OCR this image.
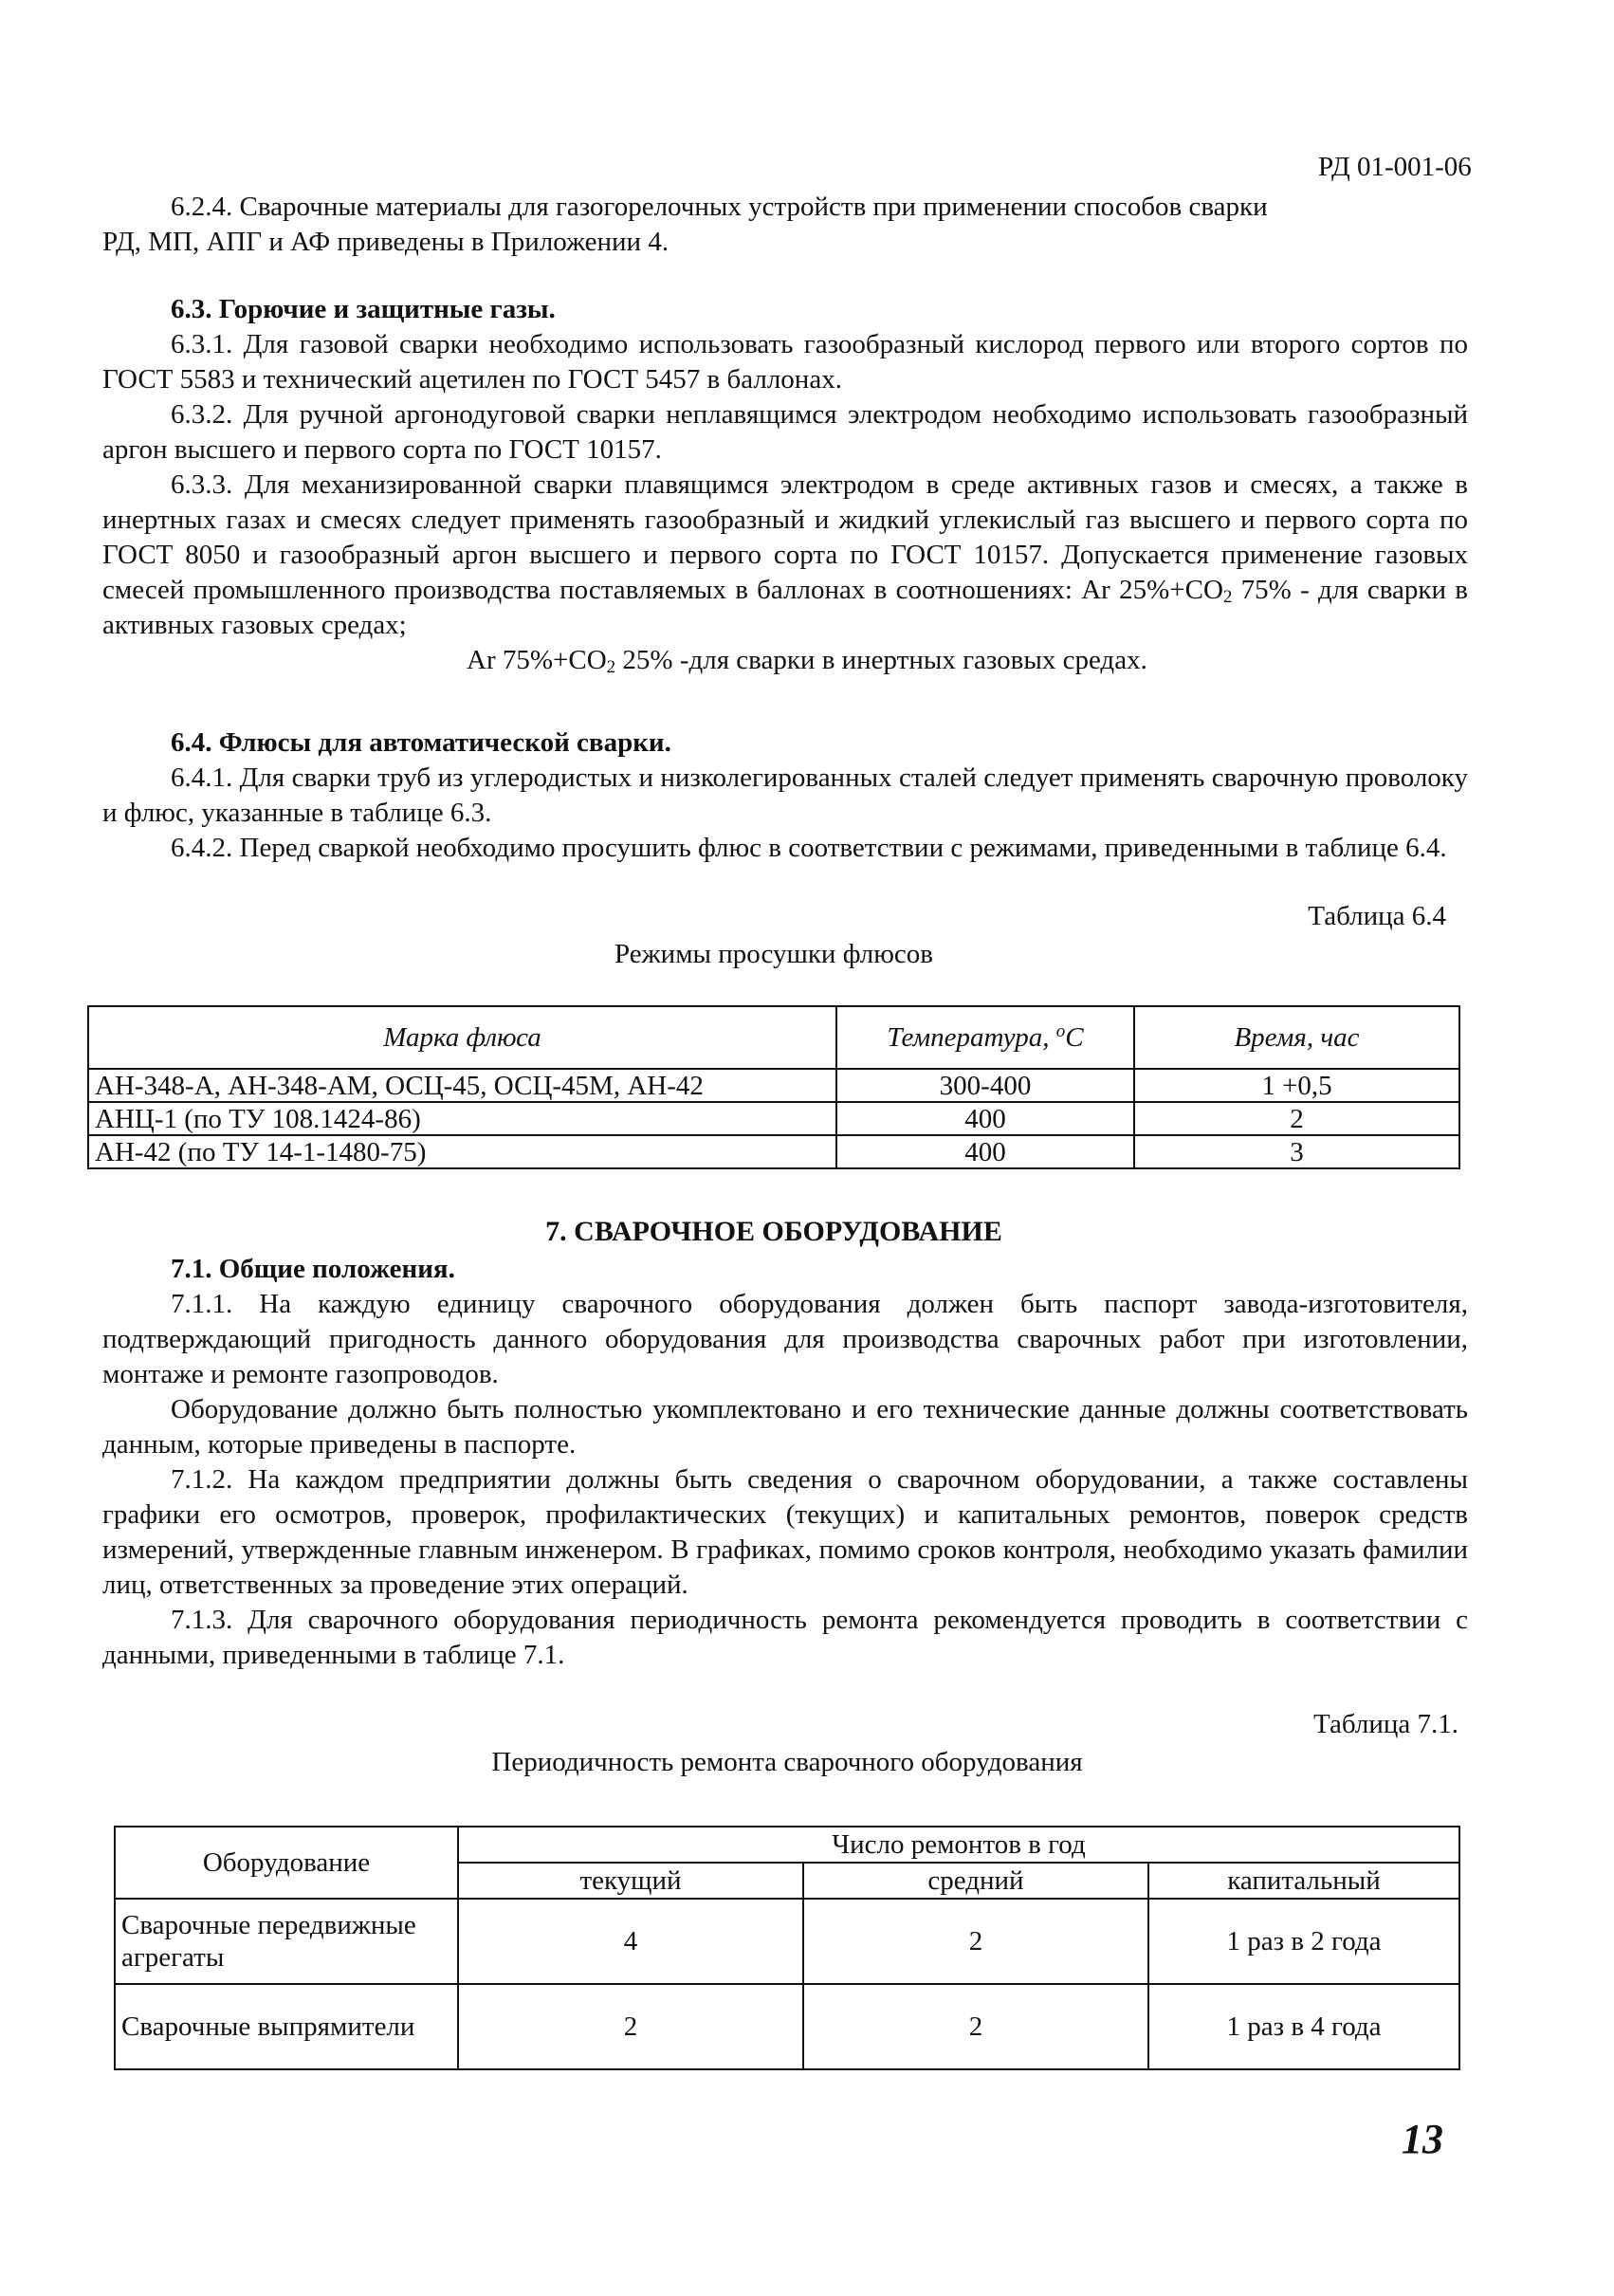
РД 01-001-06

6.2.4. Сварочные материалы для газогорелочных устройств при применении способов сварки

РД, МП, АПГ и АФ приведены в Приложении 4.

6.3. Горючие и защитные газы.

6.3.1. Для газовой сварки необходимо использовать газообразный кислород первого или второго сортов по ГОСТ 5583 и технический ацетилен по ГОСТ 5457 в баллонах.

6.3.2. Для ручной аргонодуговой сварки неплавящимся электродом необходимо использовать газообразный аргон высшего и первого сорта по ГОСТ 10157.

6.3.3. Для механизированной сварки плавящимся электродом в среде активных газов и смесях, а также в инертных газах и смесях следует применять газообразный и жидкий углекислый газ высшего и первого сорта по ГОСТ 8050 и газообразный аргон высшего и первого сорта по ГОСТ 10157. Допускается применение газовых смесей промышленного производства поставляемых в баллонах в соотношениях: Ar $25\%+CO_2$ 75% - для сварки в активных газовых средах;

Ar $75\%+CO_2$ 25% -для сварки в инертных газовых средах.

6.4. Флюсы для автоматической сварки.

6.4.1. Для сварки труб из углеродистых и низколегированных сталей следует применять сварочную проволоку и флюс, указанные в таблице 6.3.

6.4.2. Перед сваркой необходимо просушить флюс в соответствии с режимами, приведенными в таблице 6.4.

Таблица 6.4
Режимы просушки флюсов
Марка флюса	Температура, $^o$C	Время, час
АН-348-А, АН-348-АМ, ОСЦ-45, ОСЦ-45М, АН-42	300-400	1 +0,5
АНЦ-1 (по ТУ 108.1424-86)	400	2
АН-42 (по ТУ 14-1-1480-75)	400	3
7. СВАРОЧНОЕ ОБОРУДОВАНИЕ

7.1. Общие положения.

7.1.1. На каждую единицу сварочного оборудования должен быть паспорт завода-изготовителя, подтверждающий пригодность данного оборудования для производства сварочных работ при изготовлении, монтаже и ремонте газопроводов.

Оборудование должно быть полностью укомплектовано и его технические данные должны соответствовать данным, которые приведены в паспорте.

7.1.2. На каждом предприятии должны быть сведения о сварочном оборудовании, а также составлены графики его осмотров, проверок, профилактических (текущих) и капитальных ремонтов, поверок средств измерений, утвержденные главным инженером. В графиках, помимо сроков контроля, необходимо указать фамилии лиц, ответственных за проведение этих операций.

7.1.3. Для сварочного оборудования периодичность ремонта рекомендуется проводить в соответствии с данными, приведенными в таблице 7.1.

Таблица 7.1.
Периодичность ремонта сварочного оборудования
Оборудование	Число ремонтов в год		
	текущий	средний	капитальный
Сварочные передвижные агрегаты	4	2	1 раз в 2 года
Сварочные выпрямители	2	2	1 раз в 4 года
13
